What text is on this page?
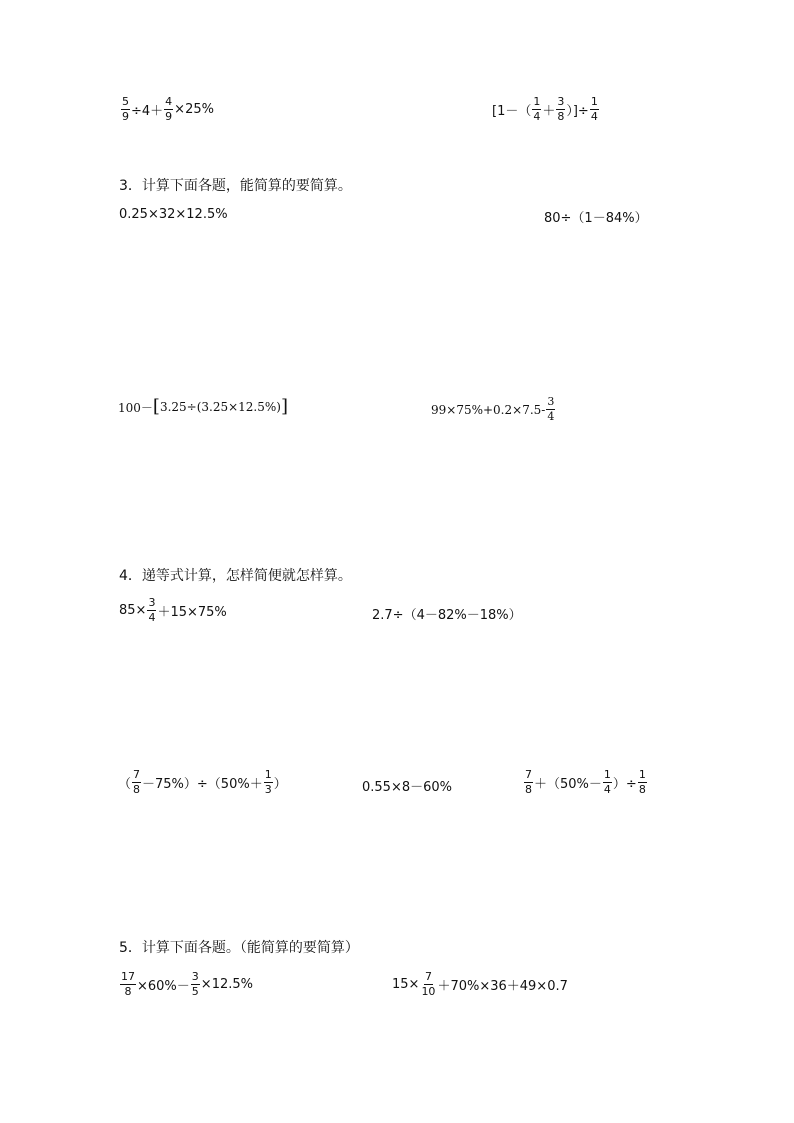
$\frac{5}{9} \div 4+ \frac{4}{9} \times 25\%$	[$1-( \frac{1}{4} + \frac{3}{8}$ ）]÷ $\frac{1}{4}$
3．计算下面各题，能简算的要简算。
0.25×32×12.5%	80÷（1－84%）
100－ [ 3.25÷(3.25×12.5%) ]	$99\times 75\%+0.2\times 7.5- \frac{3}{4}$
4．递等式计算，怎样简便就怎样算。
$85\times \frac{3}{4} +15\times 75\%$	2.7÷（4－82%－18%）
（ $\frac{7}{8} -75\%)\div(50\%+ \frac{1}{3}$ ）	0.55×8－60%	$\frac{7}{8} +(50\%- \frac{1}{4}$ ）÷ $\frac{1}{8}$
5．计算下面各题。（能简算的要简算）
$\frac{17}{8} \times 60\%- \frac{3}{5} \times 12.5\%$	$15\times \frac{7}{10} +70\%\times 36+49\times 0.7$
